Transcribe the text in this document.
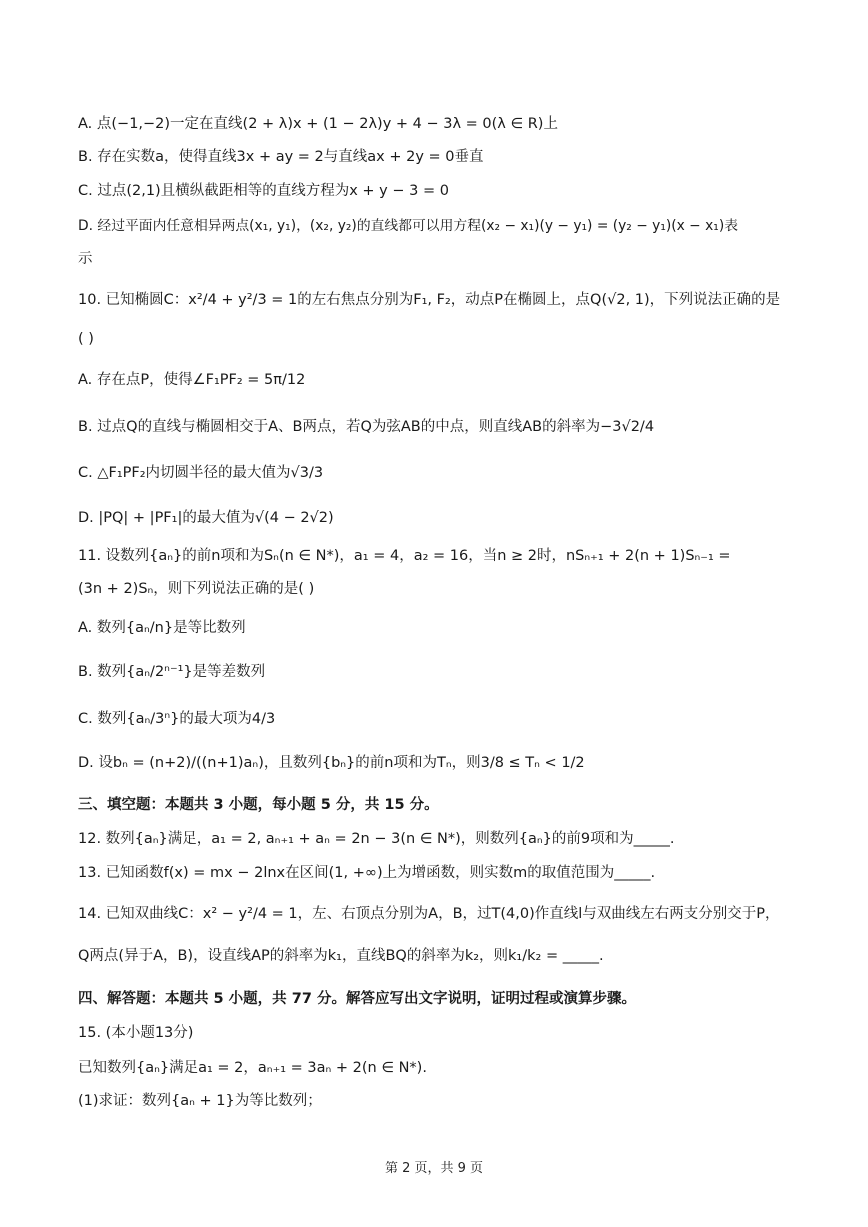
A. 点(−1,−2)一定在直线(2 + λ)x + (1 − 2λ)y + 4 − 3λ = 0(λ ∈ R)上
B. 存在实数a，使得直线3x + ay = 2与直线ax + 2y = 0垂直
C. 过点(2,1)且横纵截距相等的直线方程为x + y − 3 = 0
D. 经过平面内任意相异两点(x₁, y₁)，(x₂, y₂)的直线都可以用方程(x₂ − x₁)(y − y₁) = (y₂ − y₁)(x − x₁)表
示
10. 已知椭圆C：x²/4 + y²/3 = 1的左右焦点分别为F₁, F₂，动点P在椭圆上，点Q(√2, 1)，下列说法正确的是
( )
A. 存在点P，使得∠F₁PF₂ = 5π/12
B. 过点Q的直线与椭圆相交于A、B两点，若Q为弦AB的中点，则直线AB的斜率为−3√2/4
C. △F₁PF₂内切圆半径的最大值为√3/3
D. |PQ| + |PF₁|的最大值为√(4 − 2√2)
11. 设数列{aₙ}的前n项和为Sₙ(n ∈ N*)，a₁ = 4，a₂ = 16，当n ≥ 2时，nSₙ₊₁ + 2(n + 1)Sₙ₋₁ =
(3n + 2)Sₙ，则下列说法正确的是( )
A. 数列{aₙ/n}是等比数列
B. 数列{aₙ/2ⁿ⁻¹}是等差数列
C. 数列{aₙ/3ⁿ}的最大项为4/3
D. 设bₙ = (n+2)/((n+1)aₙ)，且数列{bₙ}的前n项和为Tₙ，则3/8 ≤ Tₙ < 1/2
三、填空题：本题共 3 小题，每小题 5 分，共 15 分。
12. 数列{aₙ}满足，a₁ = 2, aₙ₊₁ + aₙ = 2n − 3(n ∈ N*)，则数列{aₙ}的前9项和为_____.
13. 已知函数f(x) = mx − 2lnx在区间(1, +∞)上为增函数，则实数m的取值范围为_____.
14. 已知双曲线C：x² − y²/4 = 1，左、右顶点分别为A，B，过T(4,0)作直线l与双曲线左右两支分别交于P，
Q两点(异于A，B)，设直线AP的斜率为k₁，直线BQ的斜率为k₂，则k₁/k₂ = _____.
四、解答题：本题共 5 小题，共 77 分。解答应写出文字说明，证明过程或演算步骤。
15. (本小题13分)
已知数列{aₙ}满足a₁ = 2，aₙ₊₁ = 3aₙ + 2(n ∈ N*).
(1)求证：数列{aₙ + 1}为等比数列；
第 2 页，共 9 页
